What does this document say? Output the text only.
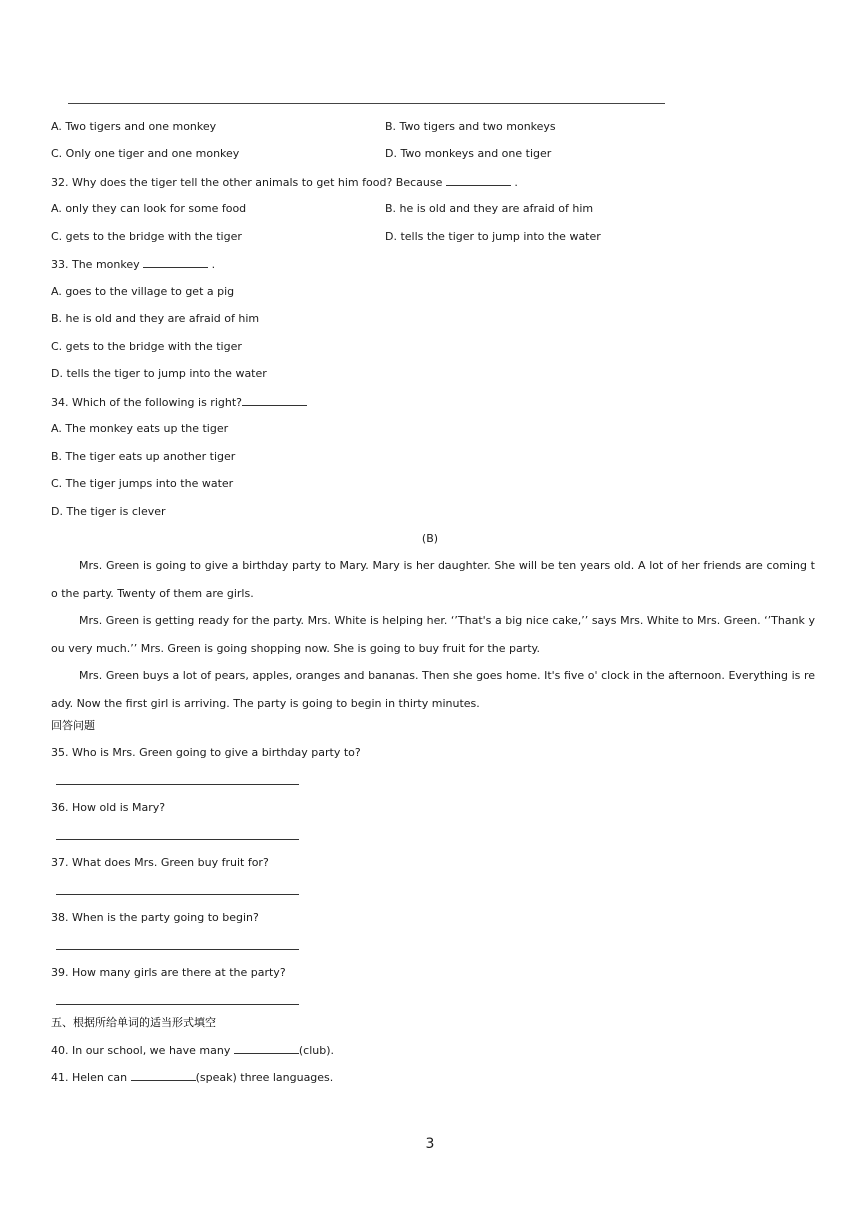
A. Two tigers and one monkey	B. Two tigers and two monkeys
C. Only one tiger and one monkey	D. Two monkeys and one tiger
32. Why does the tiger tell the other animals to get him food? Because	.
A. only they can look for some food	B. he is old and they are afraid of him
C. gets to the bridge with the tiger	D. tells the tiger to jump into the water
33. The monkey	.
A. goes to the village to get a pig
B. he is old and they are afraid of him
C. gets to the bridge with the tiger
D. tells the tiger to jump into the water
34. Which of the following is right?
A. The monkey eats up the tiger
B. The tiger eats up another tiger
C. The tiger jumps into the water
D. The tiger is clever
(B)

Mrs. Green is going to give a birthday party to Mary. Mary is her daughter. She will be ten years old. A lot of her friends are coming to the party. Twenty of them are girls.

Mrs. Green is getting ready for the party. Mrs. White is helping her. ‘’That's a big nice cake,’’ says Mrs. White to Mrs. Green. ‘’Thank you very much.’’ Mrs. Green is going shopping now. She is going to buy fruit for the party.

Mrs. Green buys a lot of pears, apples, oranges and bananas. Then she goes home. It's five o' clock in the afternoon. Everything is ready. Now the first girl is arriving. The party is going to begin in thirty minutes.

回答问题
35. Who is Mrs. Green going to give a birthday party to?
36. How old is Mary?
37. What does Mrs. Green buy fruit for?
38. When is the party going to begin?
39. How many girls are there at the party?
五、根据所给单词的适当形式填空
40. In our school, we have many	(club).
41. Helen can	(speak) three languages.
3
